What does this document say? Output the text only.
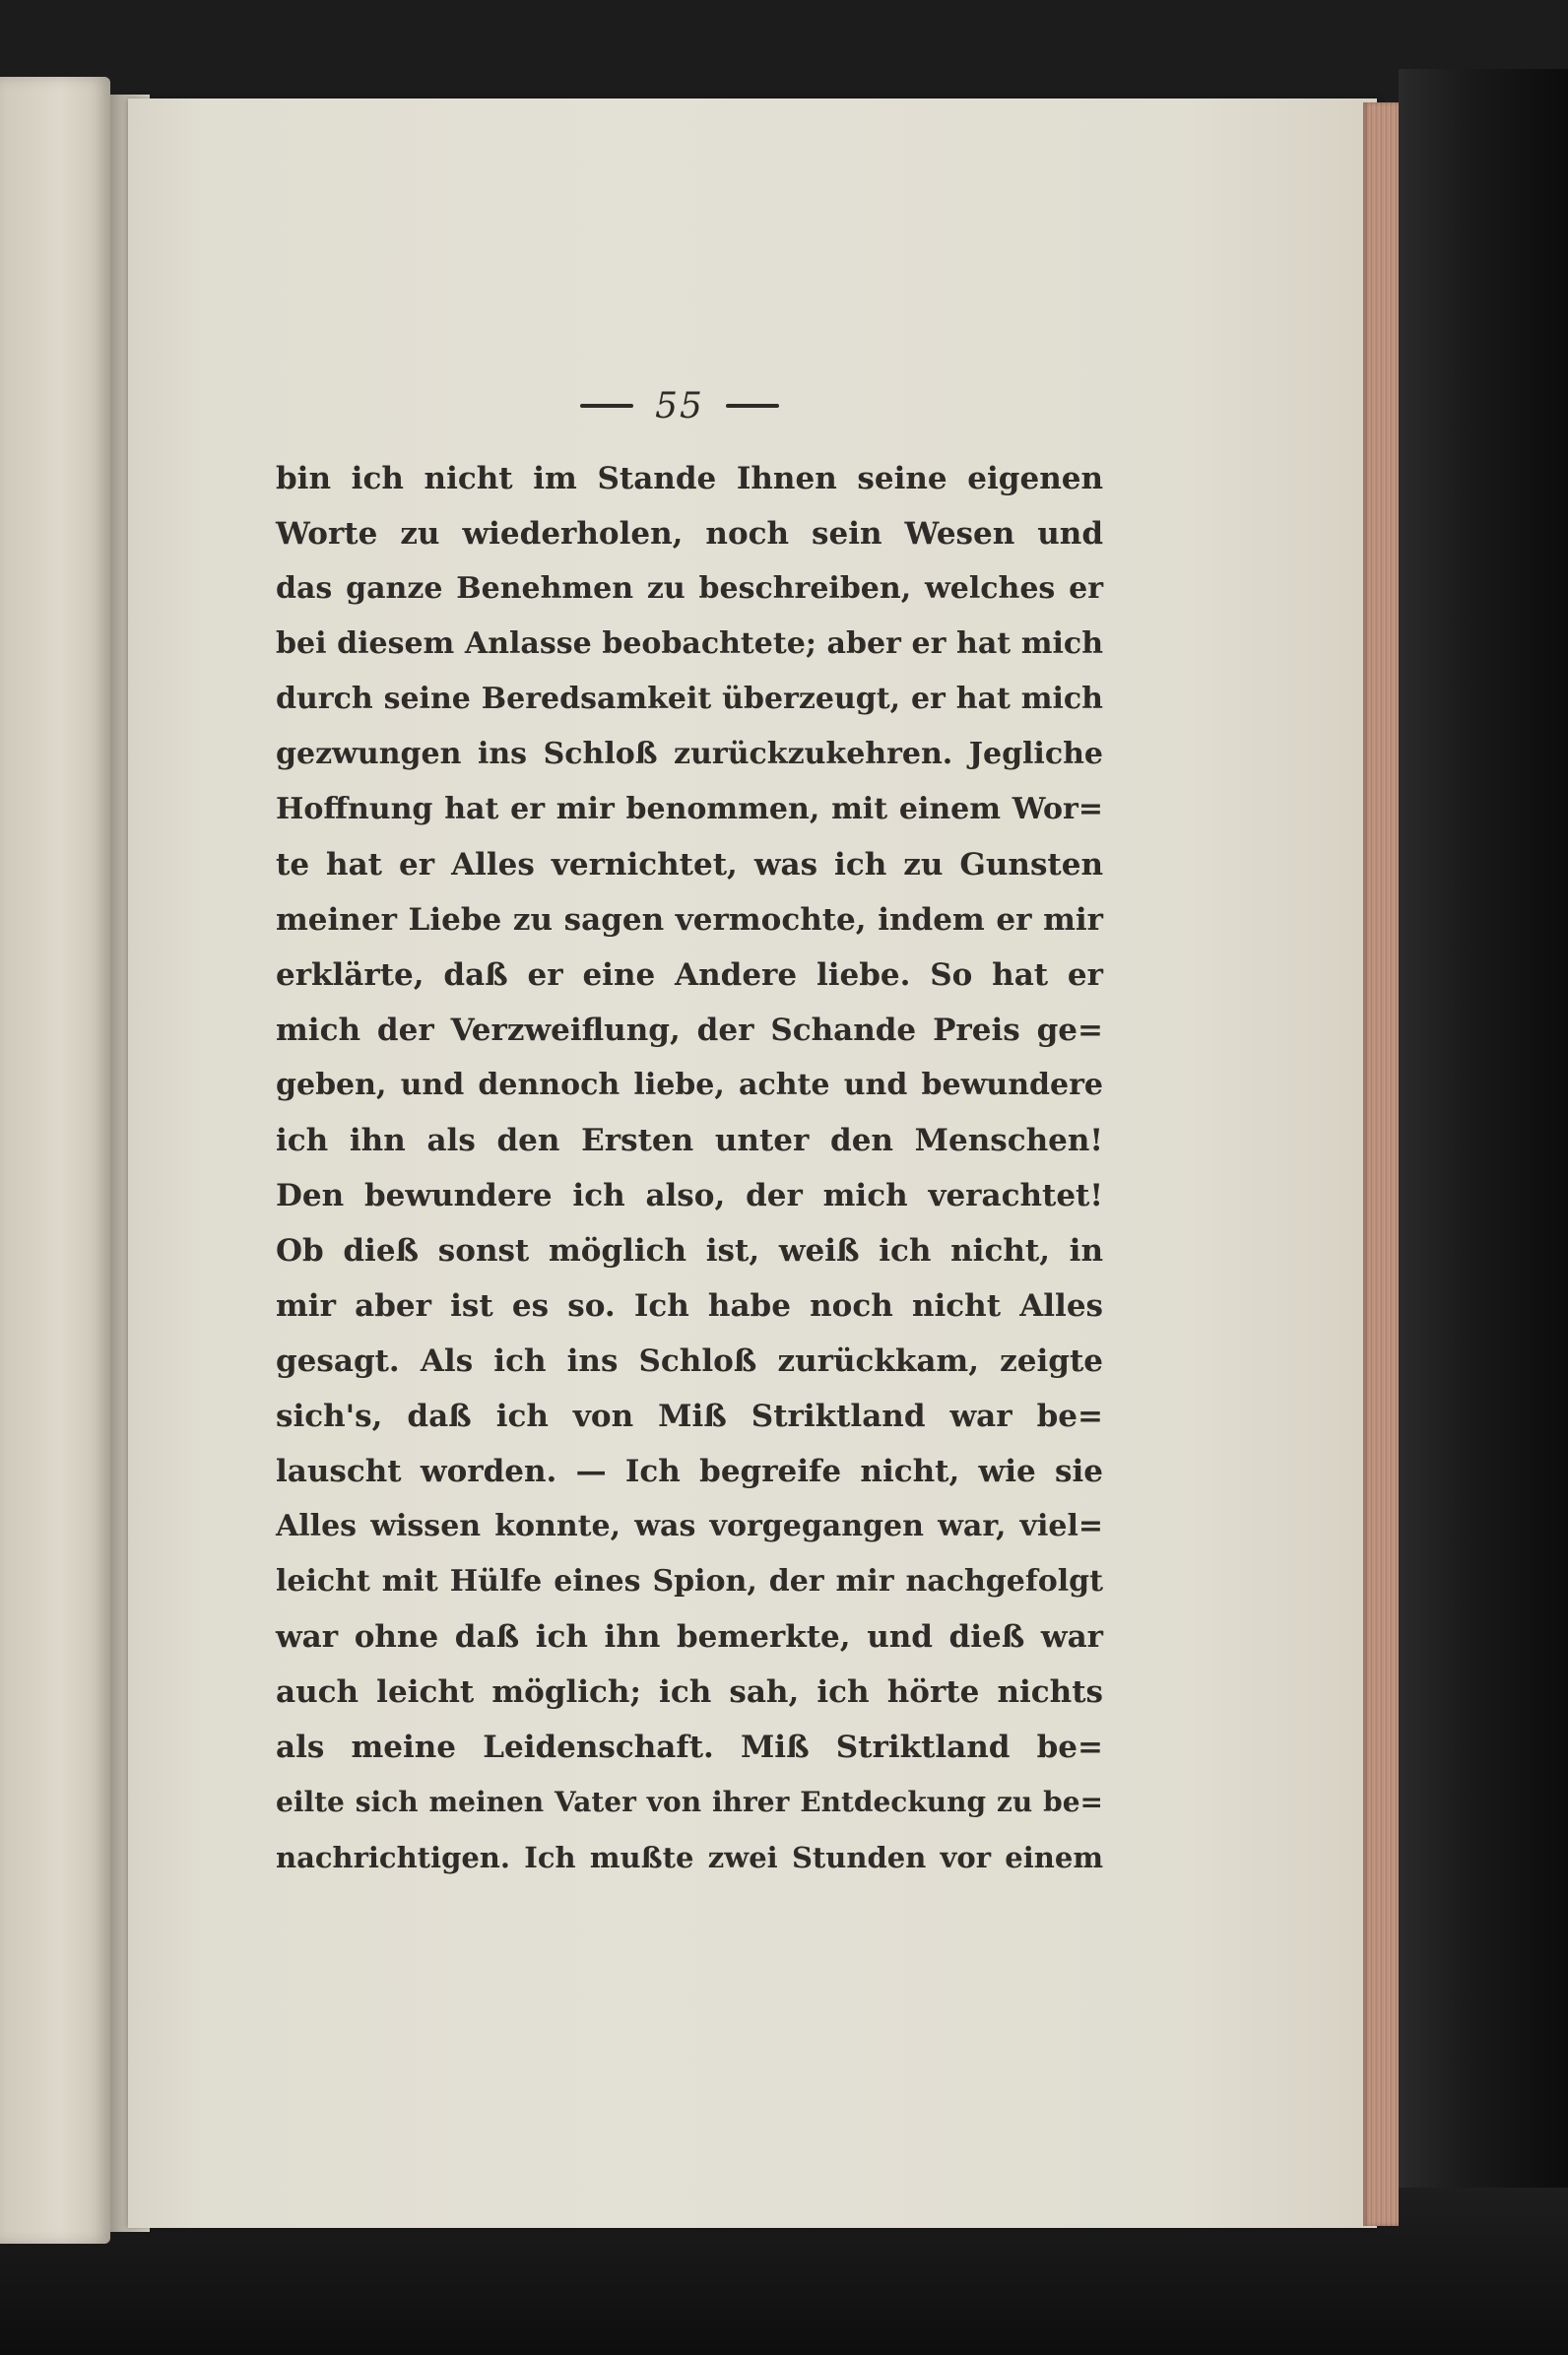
55
bin ich nicht im Stande Ihnen seine eigenen
Worte zu wiederholen, noch sein Wesen und
das ganze Benehmen zu beschreiben, welches er
bei diesem Anlasse beobachtete; aber er hat mich
durch seine Beredsamkeit überzeugt, er hat mich
gezwungen ins Schloß zurückzukehren. Jegliche
Hoffnung hat er mir benommen, mit einem Wor=
te hat er Alles vernichtet, was ich zu Gunsten
meiner Liebe zu sagen vermochte, indem er mir
erklärte, daß er eine Andere liebe. So hat er
mich der Verzweiflung, der Schande Preis ge=
geben, und dennoch liebe, achte und bewundere
ich ihn als den Ersten unter den Menschen!
Den bewundere ich also, der mich verachtet!
Ob dieß sonst möglich ist, weiß ich nicht, in
mir aber ist es so. Ich habe noch nicht Alles
gesagt. Als ich ins Schloß zurückkam, zeigte
sich's, daß ich von Miß Striktland war be=
lauscht worden. — Ich begreife nicht, wie sie
Alles wissen konnte, was vorgegangen war, viel=
leicht mit Hülfe eines Spion, der mir nachgefolgt
war ohne daß ich ihn bemerkte, und dieß war
auch leicht möglich; ich sah, ich hörte nichts
als meine Leidenschaft. Miß Striktland be=
eilte sich meinen Vater von ihrer Entdeckung zu be=
nachrichtigen. Ich mußte zwei Stunden vor einem
